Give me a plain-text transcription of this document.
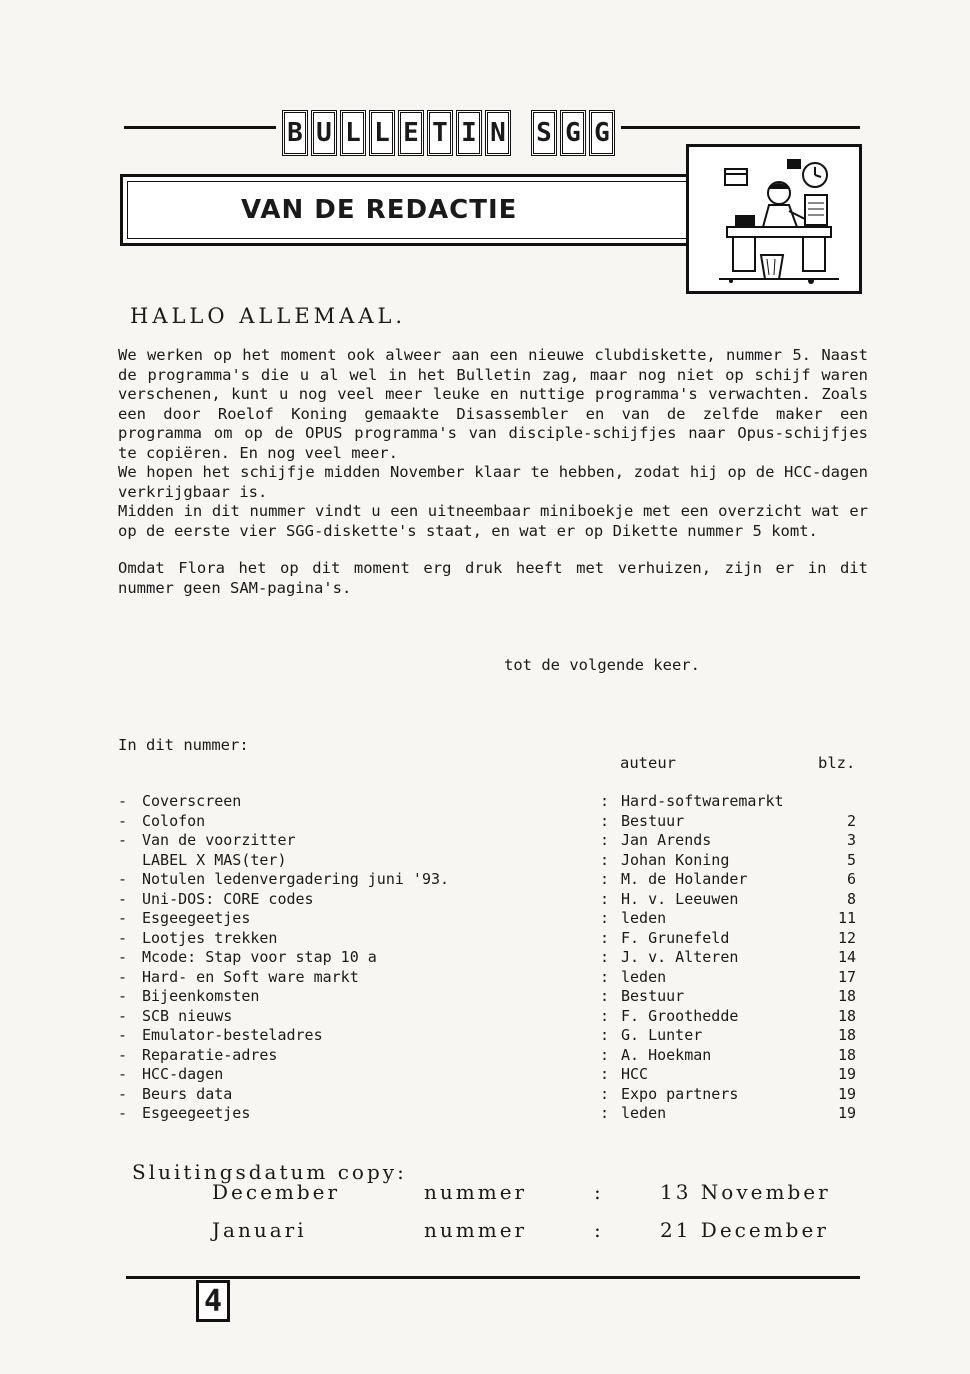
B U L L E T I N S G G
VAN DE REDACTIE
HALLO ALLEMAAL.

We werken op het moment ook alweer aan een nieuwe clubdiskette, nummer 5. Naast de programma's die u al wel in het Bulletin zag, maar nog niet op schijf waren verschenen, kunt u nog veel meer leuke en nuttige programma's verwachten. Zoals een door Roelof Koning gemaakte Disassembler en van de zelfde maker een programma om op de OPUS programma's van disciple-schijfjes naar Opus-schijfjes te copiëren. En nog veel meer.

We hopen het schijfje midden November klaar te hebben, zodat hij op de HCC-dagen verkrijgbaar is.

Midden in dit nummer vindt u een uitneembaar miniboekje met een overzicht wat er op de eerste vier SGG-diskette's staat, en wat er op Dikette nummer 5 komt.

Omdat Flora het op dit moment erg druk heeft met verhuizen, zijn er in dit nummer geen SAM-pagina's.

tot de volgende keer.
In dit nummer:
auteur	blz.
- Coverscreen	: Hard-softwaremarkt
- Colofon	: Bestuur	2
- Van de voorzitter	: Jan Arends	3
LABEL X MAS(ter)	: Johan Koning	5
- Notulen ledenvergadering juni '93.	: M. de Holander	6
- Uni-DOS: CORE codes	: H. v. Leeuwen	8
- Esgeegeetjes	: leden	11
- Lootjes trekken	: F. Grunefeld	12
- Mcode: Stap voor stap 10 a	: J. v. Alteren	14
- Hard- en Soft ware markt	: leden	17
- Bijeenkomsten	: Bestuur	18
- SCB nieuws	: F. Groothedde	18
- Emulator-besteladres	: G. Lunter	18
- Reparatie-adres	: A. Hoekman	18
- HCC-dagen	: HCC	19
- Beurs data	: Expo partners	19
- Esgeegeetjes	: leden	19
Sluitingsdatum copy:
December	nummer	:	13 November
Januari	nummer	:	21 December
4
